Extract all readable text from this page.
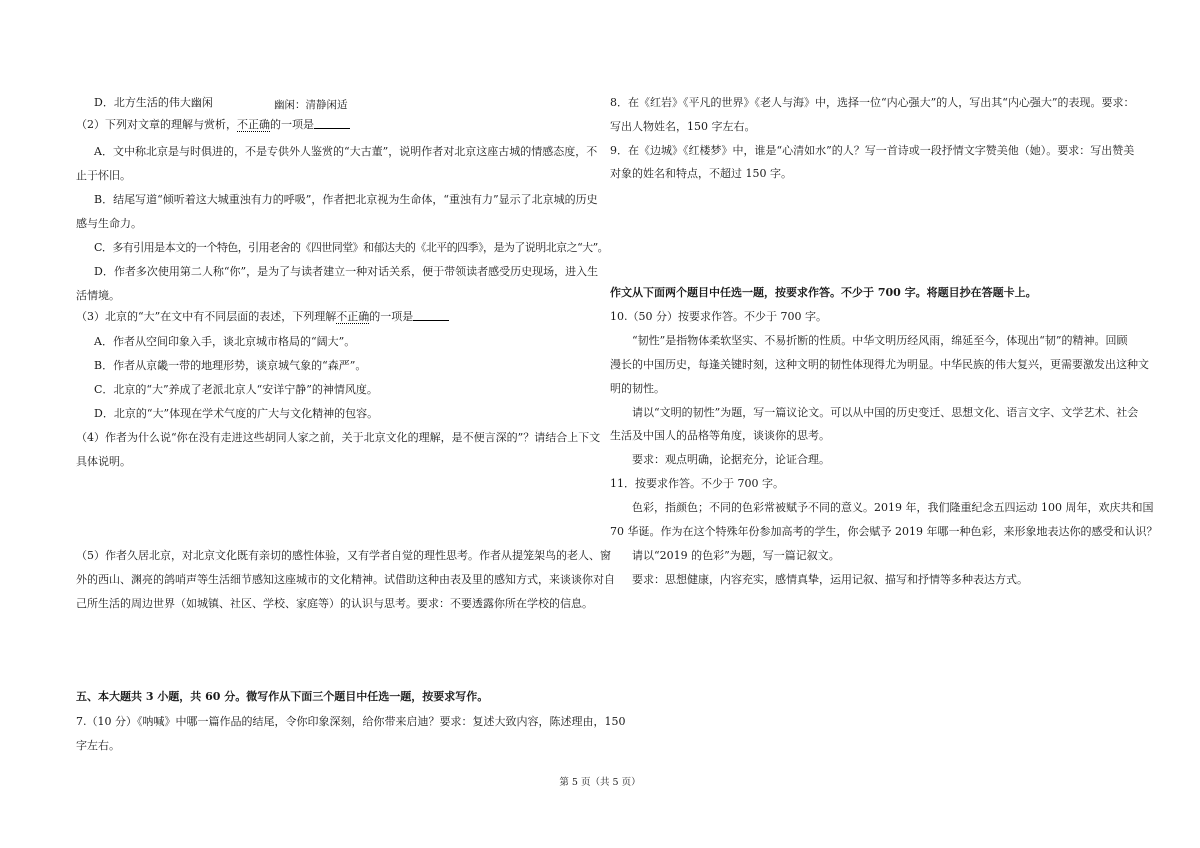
D．北方生活的伟大幽闲	幽闲：清静闲适
（2）下列对文章的理解与赏析，不正确的一项是
A．文中称北京是与时俱进的，不是专供外人鉴赏的“大古董”，说明作者对北京这座古城的情感态度，不
止于怀旧。
B．结尾写道“倾听着这大城重浊有力的呼吸”，作者把北京视为生命体，“重浊有力”显示了北京城的历史
感与生命力。
C．多有引用是本文的一个特色，引用老舍的《四世同堂》和郁达夫的《北平的四季》，是为了说明北京之“大”。
D．作者多次使用第二人称“你”，是为了与读者建立一种对话关系，便于带领读者感受历史现场，进入生
活情境。
（3）北京的“大”在文中有不同层面的表述，下列理解不正确的一项是
A．作者从空间印象入手，谈北京城市格局的“阔大”。
B．作者从京畿一带的地理形势，谈京城气象的“森严”。
C．北京的“大”养成了老派北京人“安详宁静”的神情风度。
D．北京的“大”体现在学术气度的广大与文化精神的包容。
（4）作者为什么说“你在没有走进这些胡同人家之前，关于北京文化的理解，是不便言深的”？请结合上下文
具体说明。
（5）作者久居北京，对北京文化既有亲切的感性体验，又有学者自觉的理性思考。作者从提笼架鸟的老人、窗
外的西山、渊亮的鸽哨声等生活细节感知这座城市的文化精神。试借助这种由表及里的感知方式，来谈谈你对自
己所生活的周边世界（如城镇、社区、学校、家庭等）的认识与思考。要求：不要透露你所在学校的信息。
五、本大题共 3 小题，共 60 分。微写作从下面三个题目中任选一题，按要求写作。
7.（10 分）《呐喊》中哪一篇作品的结尾，令你印象深刻，给你带来启迪？要求：复述大致内容，陈述理由，150
字左右。
8．在《红岩》《平凡的世界》《老人与海》中，选择一位“内心强大”的人，写出其“内心强大”的表现。要求：
写出人物姓名，150 字左右。
9．在《边城》《红楼梦》中，谁是“心清如水”的人？写一首诗或一段抒情文字赞美他（她）。要求：写出赞美
对象的姓名和特点，不超过 150 字。
作文从下面两个题目中任选一题，按要求作答。不少于 700 字。将题目抄在答题卡上。
10.（50 分）按要求作答。不少于 700 字。
“韧性”是指物体柔软坚实、不易折断的性质。中华文明历经风雨，绵延至今，体现出“韧”的精神。回顾
漫长的中国历史，每逢关键时刻，这种文明的韧性体现得尤为明显。中华民族的伟大复兴，更需要激发出这种文
明的韧性。
请以“文明的韧性”为题，写一篇议论文。可以从中国的历史变迁、思想文化、语言文字、文学艺术、社会
生活及中国人的品格等角度，谈谈你的思考。
要求：观点明确，论据充分，论证合理。
11．按要求作答。不少于 700 字。
色彩，指颜色；不同的色彩常被赋予不同的意义。2019 年，我们隆重纪念五四运动 100 周年，欢庆共和国
70 华诞。作为在这个特殊年份参加高考的学生，你会赋予 2019 年哪一种色彩，来形象地表达你的感受和认识？
请以“2019 的色彩”为题，写一篇记叙文。
要求：思想健康，内容充实，感情真挚，运用记叙、描写和抒情等多种表达方式。
第 5 页（共 5 页）
